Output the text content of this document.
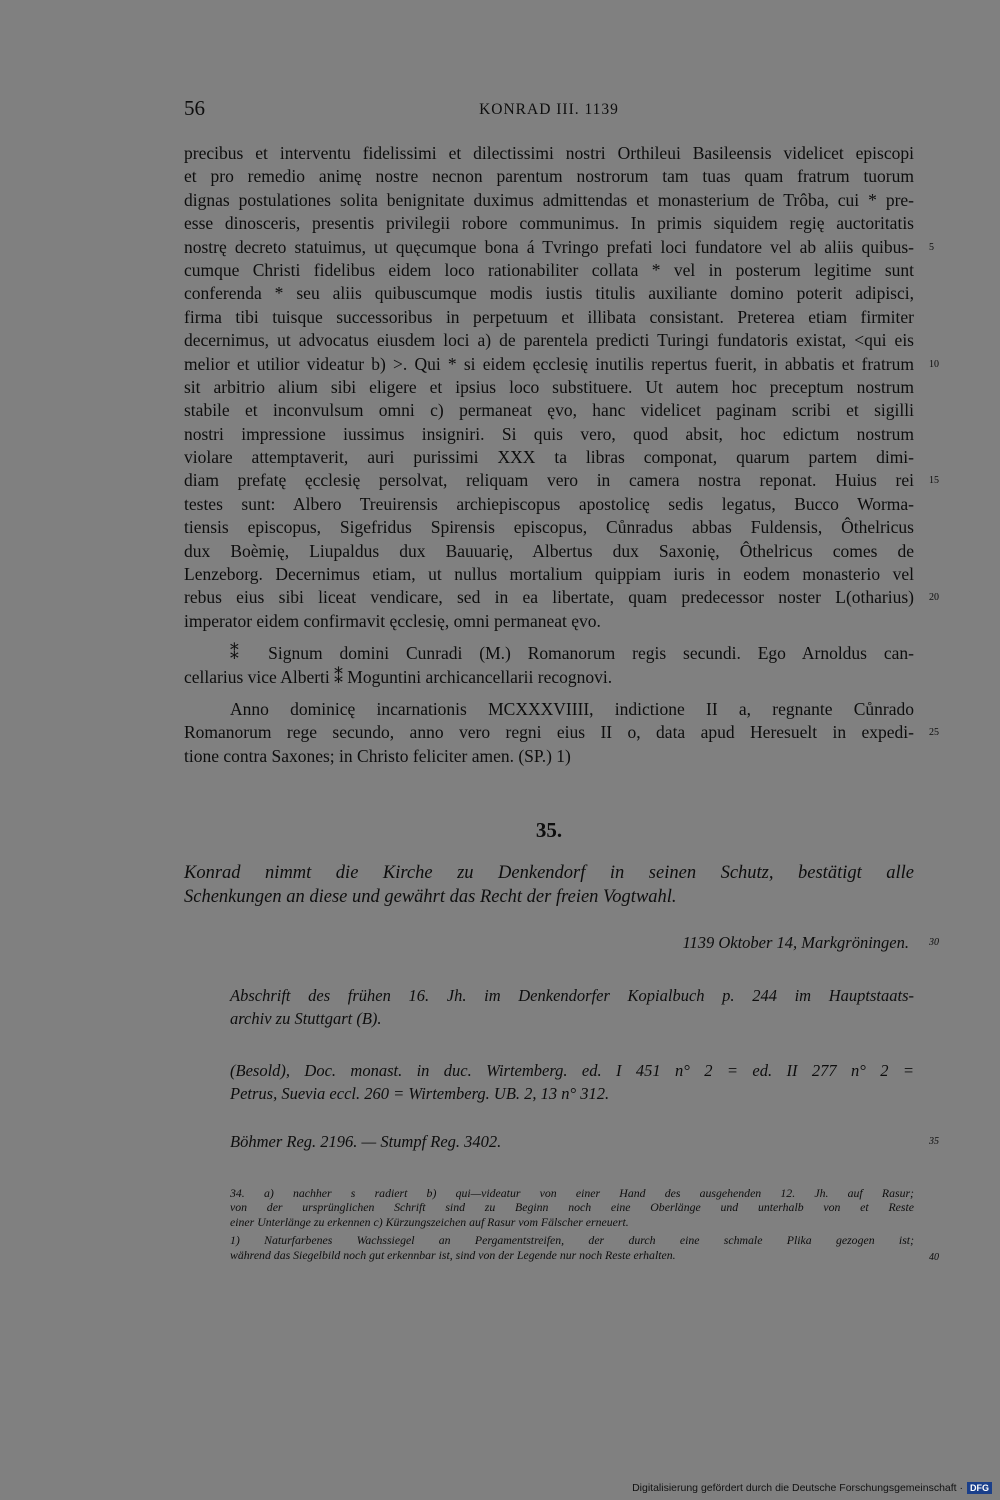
56	KONRAD III. 1139
precibus et interventu fidelissimi et dilectissimi nostri Orthileui Basileensis videlicet episcopi
et pro remedio animę nostre necnon parentum nostrorum tam tuas quam fratrum tuorum
dignas postulationes solita benignitate duximus admittendas et monasterium de Trôba, cui * pre-
esse dinosceris, presentis privilegii robore communimus. In primis siquidem regię auctoritatis
nostrę decreto statuimus, ut quęcumque bona á Tvringo prefati loci fundatore vel ab aliis quibus- 5
cumque Christi fidelibus eidem loco rationabiliter collata * vel in posterum legitime sunt
conferenda * seu aliis quibuscumque modis iustis titulis auxiliante domino poterit adipisci,
firma tibi tuisque successoribus in perpetuum et illibata consistant. Preterea etiam firmiter
decernimus, ut advocatus eiusdem loci a) de parentela predicti Turingi fundatoris existat, <qui eis
melior et utilior videatur b) >. Qui * si eidem ęcclesię inutilis repertus fuerit, in abbatis et fratrum 10
sit arbitrio alium sibi eligere et ipsius loco substituere. Ut autem hoc preceptum nostrum
stabile et inconvulsum omni c) permaneat ęvo, hanc videlicet paginam scribi et sigilli
nostri impressione iussimus insigniri. Si quis vero, quod absit, hoc edictum nostrum
violare attemptaverit, auri purissimi XXX ta libras componat, quarum partem dimi-
diam prefatę ęcclesię persolvat, reliquam vero in camera nostra reponat. Huius rei 15
testes sunt: Albero Treuirensis archiepiscopus apostolicę sedis legatus, Bucco Worma-
tiensis episcopus, Sigefridus Spirensis episcopus, Cůnradus abbas Fuldensis, Ôthelricus
dux Boèmię, Liupaldus dux Bauuarię, Albertus dux Saxonię, Ôthelricus comes de
Lenzeborg. Decernimus etiam, ut nullus mortalium quippiam iuris in eodem monasterio vel
rebus eius sibi liceat vendicare, sed in ea libertate, quam predecessor noster L(otharius) 20
imperator eidem confirmavit ęcclesię, omni permaneat ęvo.
⁑ Signum domini Cunradi (M.) Romanorum regis secundi. Ego Arnoldus can-
cellarius vice Alberti ⁑ Moguntini archicancellarii recognovi.
Anno dominicę incarnationis MCXXXVIIII, indictione II a, regnante Cůnrado
Romanorum rege secundo, anno vero regni eius II o, data apud Heresuelt in expedi- 25
tione contra Saxones; in Christo feliciter amen. (SP.) 1)
35.
Konrad nimmt die Kirche zu Denkendorf in seinen Schutz, bestätigt alle
Schenkungen an diese und gewährt das Recht der freien Vogtwahl.
1139 Oktober 14, Markgröningen. 30
Abschrift des frühen 16. Jh. im Denkendorfer Kopialbuch p. 244 im Hauptstaats-
archiv zu Stuttgart (B).
(Besold), Doc. monast. in duc. Wirtemberg. ed. I 451 n° 2 = ed. II 277 n° 2 =
Petrus, Suevia eccl. 260 = Wirtemberg. UB. 2, 13 n° 312.
Böhmer Reg. 2196. — Stumpf Reg. 3402.	35
34. a) nachher s radiert b) qui—videatur von einer Hand des ausgehenden 12. Jh. auf Rasur;
von der ursprünglichen Schrift sind zu Beginn noch eine Oberlänge und unterhalb von et Reste
einer Unterlänge zu erkennen c) Kürzungszeichen auf Rasur vom Fälscher erneuert.
1) Naturfarbenes Wachssiegel an Pergamentstreifen, der durch eine schmale Plika gezogen ist;
während das Siegelbild noch gut erkennbar ist, sind von der Legende nur noch Reste erhalten.	40
Digitalisierung gefördert durch die Deutsche Forschungsgemeinschaft · DFG
